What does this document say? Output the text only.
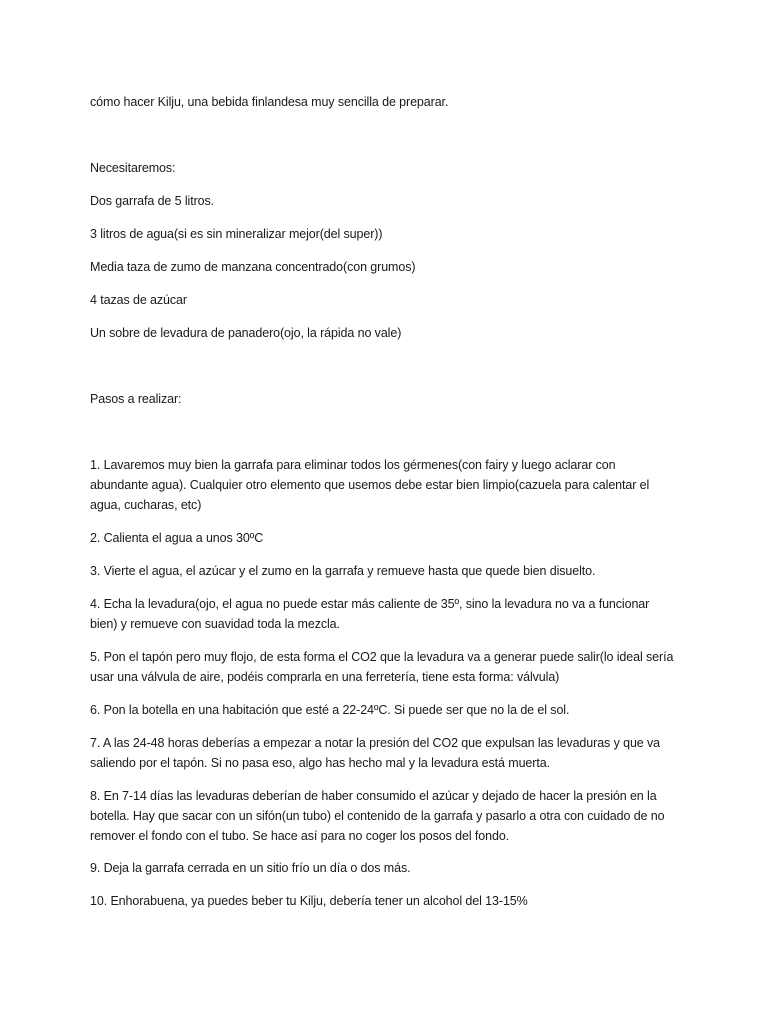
cómo hacer Kilju, una bebida finlandesa muy sencilla de preparar.
Necesitaremos:
Dos garrafa de 5 litros.
3 litros de agua(si es sin mineralizar mejor(del super))
Media taza de zumo de manzana concentrado(con grumos)
4 tazas de azúcar
Un sobre de levadura de panadero(ojo, la rápida no vale)
Pasos a realizar:
1. Lavaremos muy bien la garrafa para eliminar todos los gérmenes(con fairy y luego aclarar con abundante agua). Cualquier otro elemento que usemos debe estar bien limpio(cazuela para calentar el agua, cucharas, etc)
2. Calienta el agua a unos 30ºC
3. Vierte el agua, el azúcar y el zumo en la garrafa y remueve hasta que quede bien disuelto.
4. Echa la levadura(ojo, el agua no puede estar más caliente de 35º, sino la levadura no va a funcionar bien) y remueve con suavidad toda la mezcla.
5. Pon el tapón pero muy flojo, de esta forma el CO2 que la levadura va a generar puede salir(lo ideal sería usar una válvula de aire, podéis comprarla en una ferretería, tiene esta forma: válvula)
6. Pon la botella en una habitación que esté a 22-24ºC. Si puede ser que no la de el sol.
7. A las 24-48 horas deberías a empezar a notar la presión del CO2 que expulsan las levaduras y que va saliendo por el tapón. Si no pasa eso, algo has hecho mal y la levadura está muerta.
8. En 7-14 días las levaduras deberían de haber consumido el azúcar y dejado de hacer la presión en la botella. Hay que sacar con un sifón(un tubo) el contenido de la garrafa y pasarlo a otra con cuidado de no remover el fondo con el tubo. Se hace así para no coger los posos del fondo.
9. Deja la garrafa cerrada en un sitio frío un día o dos más.
10. Enhorabuena, ya puedes beber tu Kilju, debería tener un alcohol del 13-15%
